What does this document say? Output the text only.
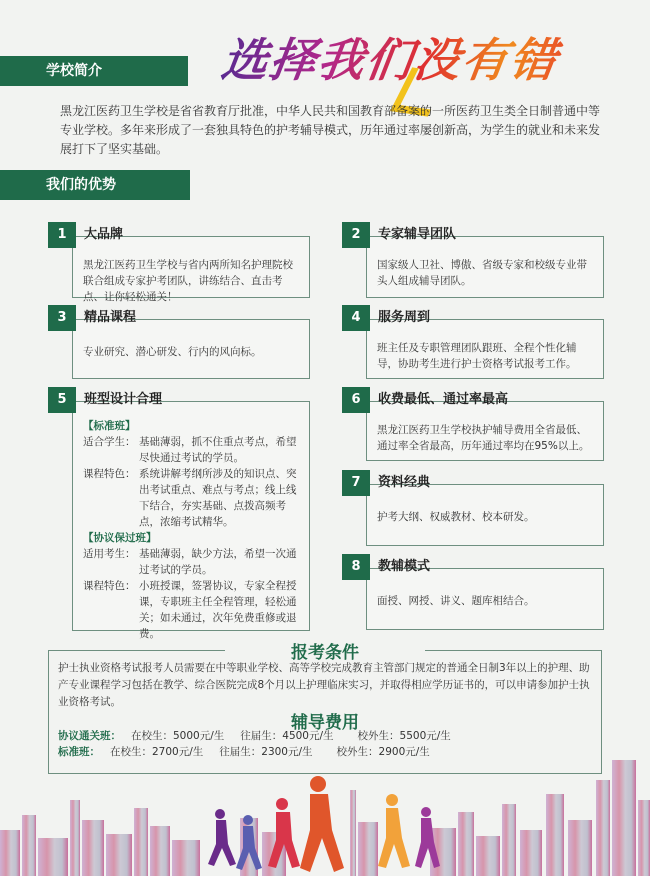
学校简介	选择我们没有错
黑龙江医药卫生学校是省省教育厅批准，中华人民共和国教育部备案的一所医药卫生类全日制普通中等专业学校。多年来形成了一套独具特色的护考辅导模式，历年通过率屡创新高，为学生的就业和未来发展打下了坚实基础。
我们的优势
黑龙江医药卫生学校与省内两所知名护理院校联合组成专家护考团队，讲练结合、直击考点、让你轻松通关！
1	大品牌
国家级人卫社、博傲、省级专家和校级专业带头人组成辅导团队。
2	专家辅导团队
专业研究、潜心研发、行内的风向标。
3	精品课程
班主任及专职管理团队跟班、全程个性化辅导，协助考生进行护士资格考试报考工作。
4	服务周到
【标准班】
适合学生： 基础薄弱，抓不住重点考点，希望尽快通过考试的学员。
课程特色： 系统讲解考纲所涉及的知识点、突出考试重点、难点与考点；线上线下结合，夯实基础、点拨高频考点，浓缩考试精华。
【协议保过班】
适用考生： 基础薄弱，缺少方法，希望一次通过考试的学员。
课程特色： 小班授课，签署协议，专家全程授课，专职班主任全程管理，轻松通关；如未通过，次年免费重修或退费。
5	班型设计合理
黑龙江医药卫生学校执护辅导费用全省最低、通过率全省最高，历年通过率均在95%以上。
6	收费最低、通过率最高
护考大纲、权威教材、校本研发。
7	资料经典
面授、网授、讲义、题库相结合。
8	教辅模式
报考条件
护士执业资格考试报考人员需要在中等职业学校、高等学校完成教育主管部门规定的普通全日制3年以上的护理、助产专业课程学习包括在教学、综合医院完成8个月以上护理临床实习，并取得相应学历证书的，可以申请参加护士执业资格考试。
辅导费用
协议通关班： 在校生：5000元/生 往届生：4500元/生 校外生：5500元/生
标准班： 在校生：2700元/生 往届生：2300元/生 校外生：2900元/生
